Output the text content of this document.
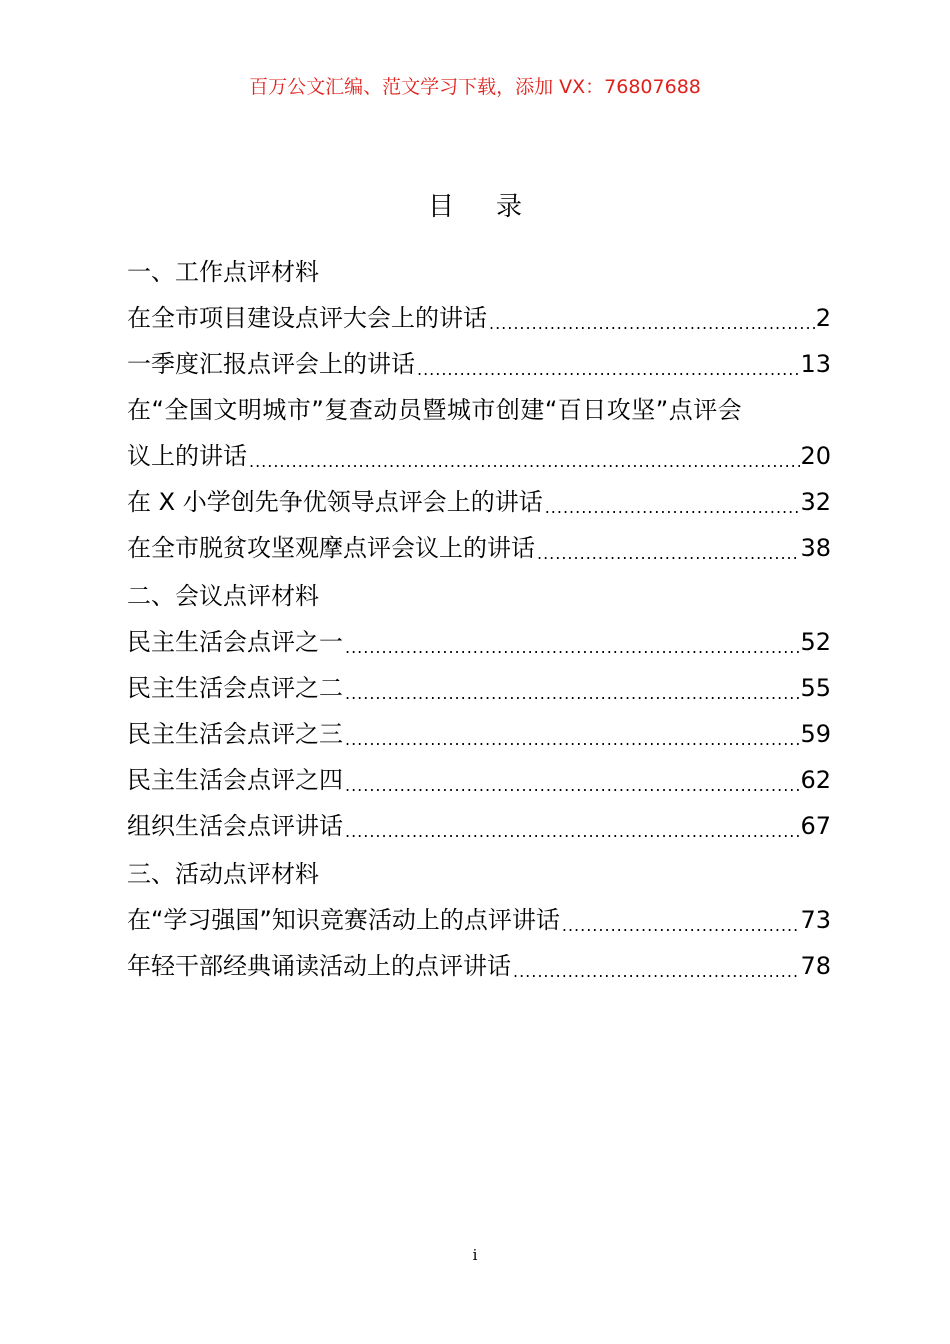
百万公文汇编、范文学习下载，添加 VX：76807688
目 录
一、工作点评材料
在全市项目建设点评大会上的讲话 .....	2
一季度汇报点评会上的讲话 .....	13
在“全国文明城市”复查动员暨城市创建“百日攻坚”点评会
议上的讲话 .....	20
在 X 小学创先争优领导点评会上的讲话 .....	32
在全市脱贫攻坚观摩点评会议上的讲话 .....	38
二、会议点评材料
民主生活会点评之一 .....	52
民主生活会点评之二 .....	55
民主生活会点评之三 .....	59
民主生活会点评之四 .....	62
组织生活会点评讲话 .....	67
三、活动点评材料
在“学习强国”知识竞赛活动上的点评讲话 .....	73
年轻干部经典诵读活动上的点评讲话 .....	78
i
